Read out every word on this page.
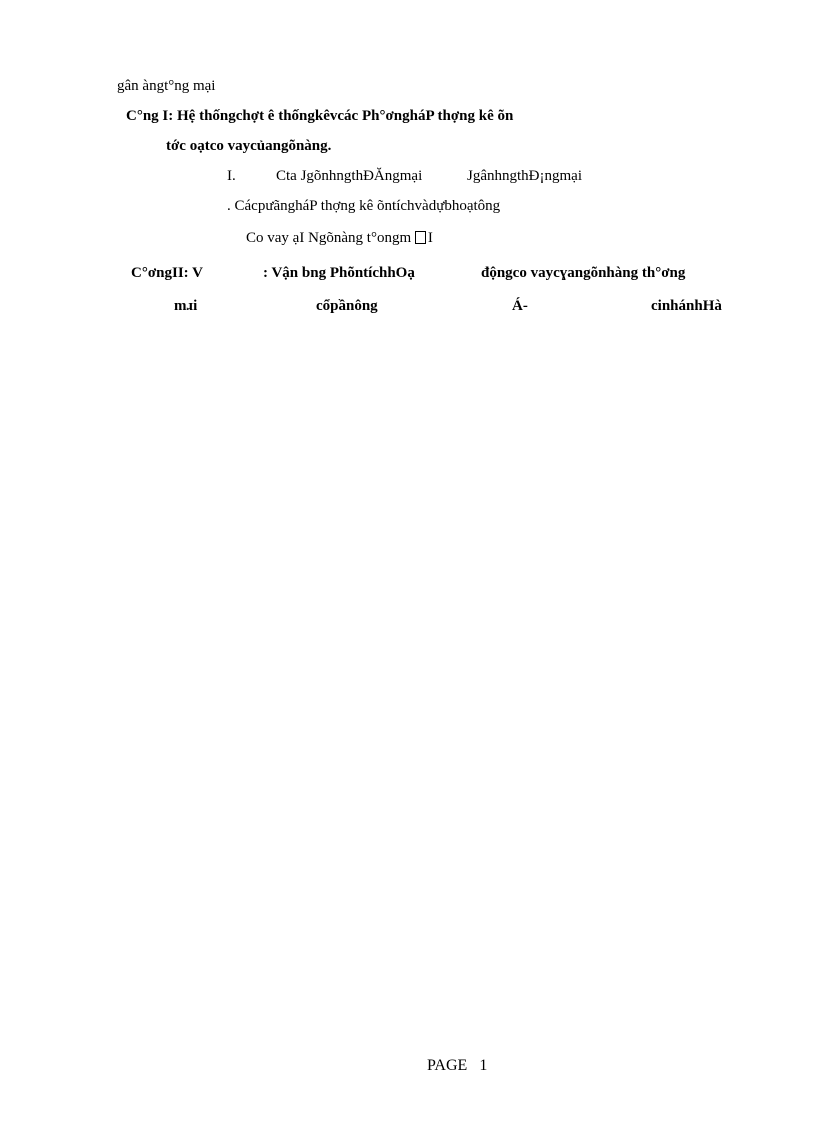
gân àngt°ng mại
C°ng I: Hệ thốngchợt ê thốngkêvcác Ph°ơngháP thợng kê õn
tớc oạtco vaycủangõnàng.
I.	Cta JgõnhngthĐĂngmại	JgânhngthĐ¡ngmại
. CácpưãngháP thợng kê õntíchvàdựbhoạtông
Co vay ạI Ngõnàng t°ongm I
C°ơngII: V	: Vận bng PhõntíchhOạ	độngco vaycɣangõnhàng th°ơng
mɹi	cổpầnông	Á-	cinhánhHà
PAGE 1
